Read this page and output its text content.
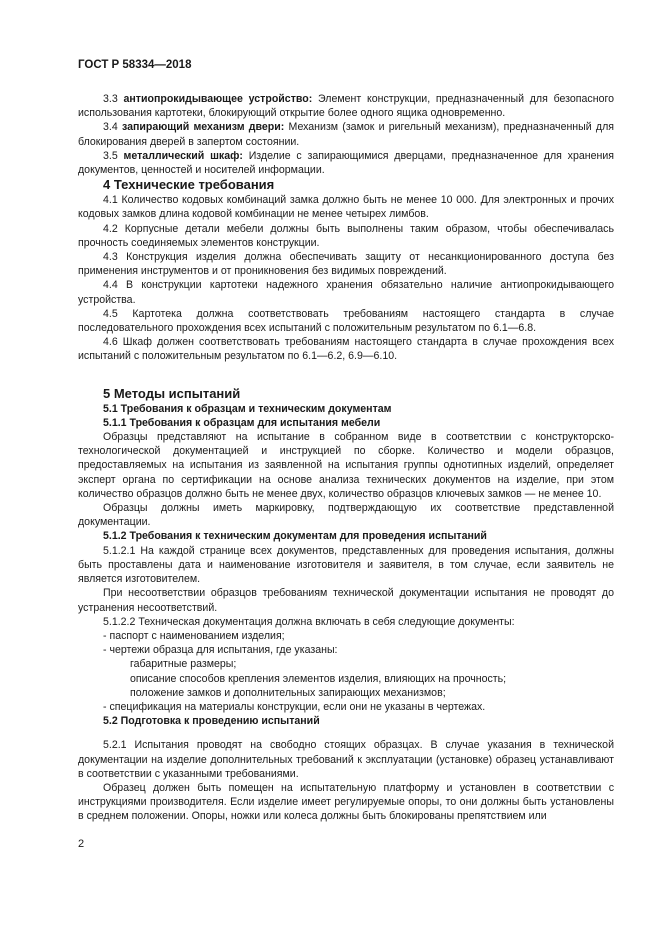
ГОСТ Р 58334—2018

3.3 антиопрокидывающее устройство: Элемент конструкции, предназначенный для безопасного использования картотеки, блокирующий открытие более одного ящика одновременно.

3.4 запирающий механизм двери: Механизм (замок и ригельный механизм), предназначенный для блокирования дверей в запертом состоянии.

3.5 металлический шкаф: Изделие с запирающимися дверцами, предназначенное для хранения документов, ценностей и носителей информации.

4 Технические требования

4.1 Количество кодовых комбинаций замка должно быть не менее 10 000. Для электронных и прочих кодовых замков длина кодовой комбинации не менее четырех лимбов.

4.2 Корпусные детали мебели должны быть выполнены таким образом, чтобы обеспечивалась прочность соединяемых элементов конструкции.

4.3 Конструкция изделия должна обеспечивать защиту от несанкционированного доступа без применения инструментов и от проникновения без видимых повреждений.

4.4 В конструкции картотеки надежного хранения обязательно наличие антиопрокидывающего устройства.

4.5 Картотека должна соответствовать требованиям настоящего стандарта в случае последовательного прохождения всех испытаний с положительным результатом по 6.1—6.8.

4.6 Шкаф должен соответствовать требованиям настоящего стандарта в случае прохождения всех испытаний с положительным результатом по 6.1—6.2, 6.9—6.10.

5 Методы испытаний

5.1 Требования к образцам и техническим документам

5.1.1 Требования к образцам для испытания мебели

Образцы представляют на испытание в собранном виде в соответствии с конструкторско-технологической документацией и инструкцией по сборке. Количество и модели образцов, предоставляемых на испытания из заявленной на испытания группы однотипных изделий, определяет эксперт органа по сертификации на основе анализа технических документов на изделие, при этом количество образцов должно быть не менее двух, количество образцов ключевых замков — не менее 10.

Образцы должны иметь маркировку, подтверждающую их соответствие представленной документации.

5.1.2 Требования к техническим документам для проведения испытаний

5.1.2.1 На каждой странице всех документов, представленных для проведения испытания, должны быть проставлены дата и наименование изготовителя и заявителя, в том случае, если заявитель не является изготовителем.

При несоответствии образцов требованиям технической документации испытания не проводят до устранения несоответствий.

5.1.2.2 Техническая документация должна включать в себя следующие документы:

- паспорт с наименованием изделия;

- чертежи образца для испытания, где указаны:

габаритные размеры;

описание способов крепления элементов изделия, влияющих на прочность;

положение замков и дополнительных запирающих механизмов;

- спецификация на материалы конструкции, если они не указаны в чертежах.

5.2 Подготовка к проведению испытаний

5.2.1 Испытания проводят на свободно стоящих образцах. В случае указания в технической документации на изделие дополнительных требований к эксплуатации (установке) образец устанавливают в соответствии с указанными требованиями.

Образец должен быть помещен на испытательную платформу и установлен в соответствии с инструкциями производителя. Если изделие имеет регулируемые опоры, то они должны быть установлены в среднем положении. Опоры, ножки или колеса должны быть блокированы препятствием или

2
